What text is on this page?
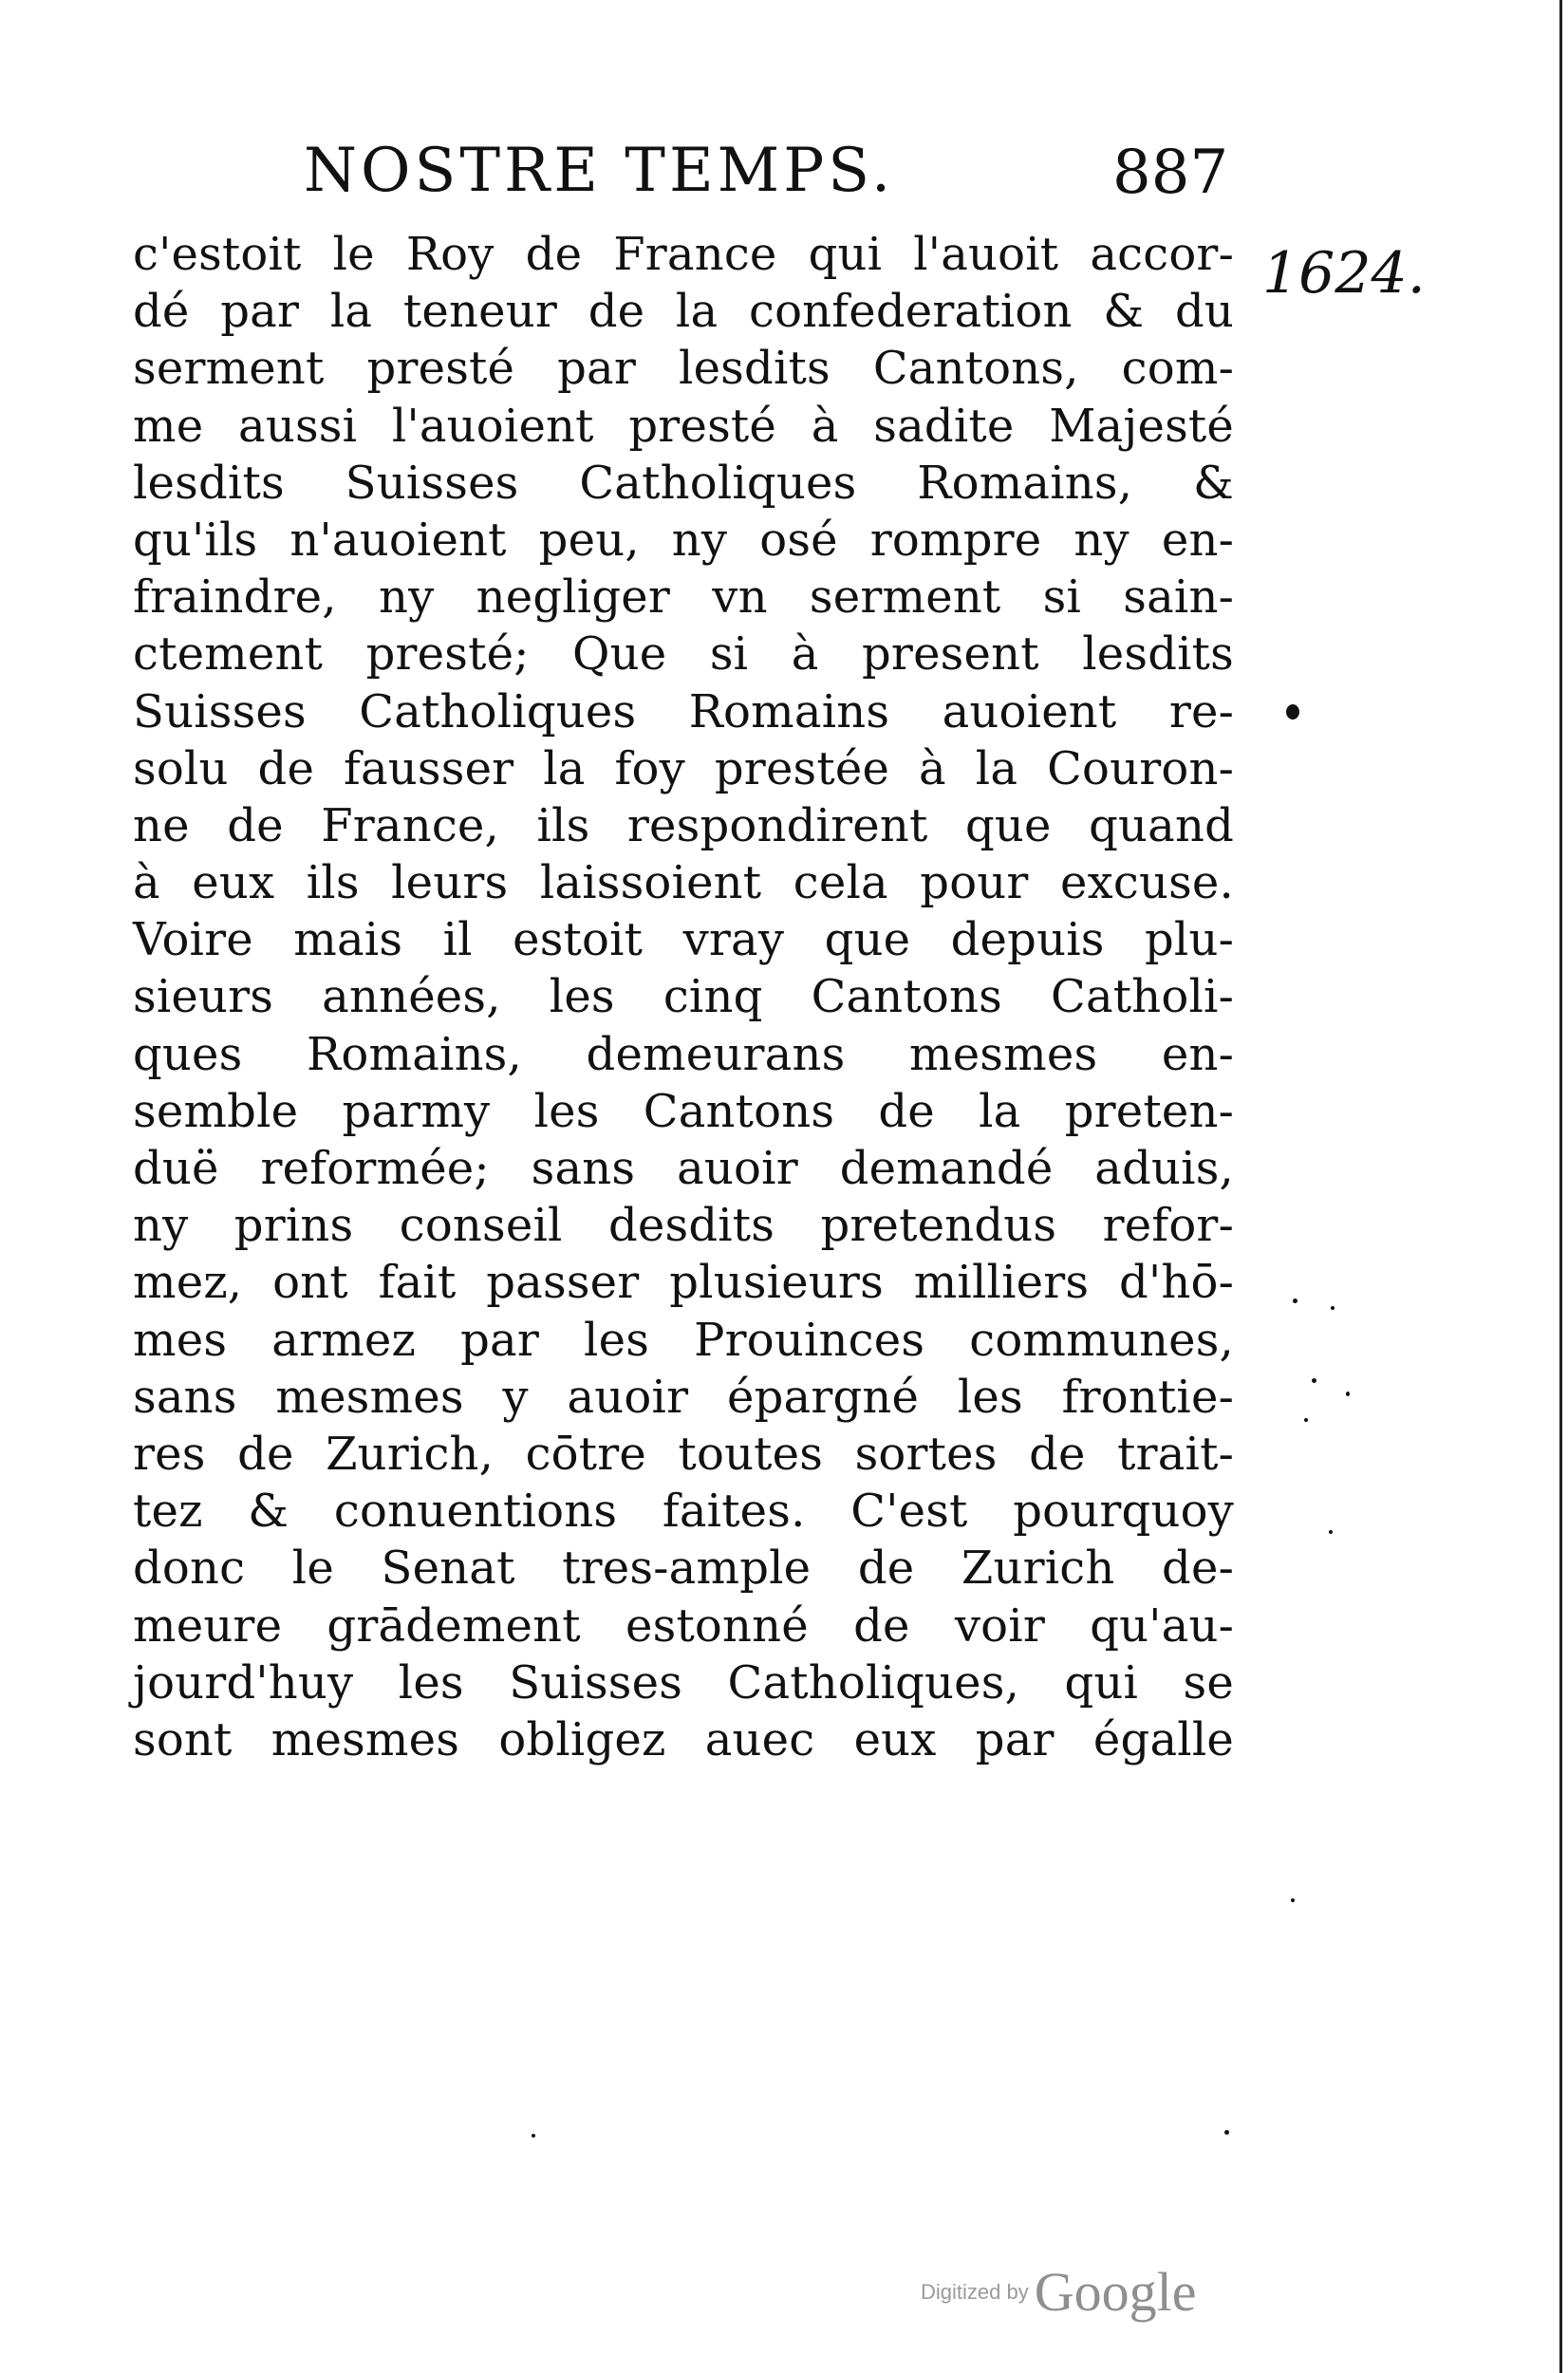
NOSTRE TEMPS.	887
1624.
c'estoit le Roy de France qui l'auoit accor-
dé par la teneur de la confederation & du
serment presté par lesdits Cantons, com-
me aussi l'auoient presté à sadite Majesté
lesdits Suisses Catholiques Romains, &
qu'ils n'auoient peu, ny osé rompre ny en-
fraindre, ny negliger vn serment si sain-
ctement presté; Que si à present lesdits
Suisses Catholiques Romains auoient re-
solu de fausser la foy prestée à la Couron-
ne de France, ils respondirent que quand
à eux ils leurs laissoient cela pour excuse.
Voire mais il estoit vray que depuis plu-
sieurs années, les cinq Cantons Catholi-
ques Romains, demeurans mesmes en-
semble parmy les Cantons de la preten-
duë reformée; sans auoir demandé aduis,
ny prins conseil desdits pretendus refor-
mez, ont fait passer plusieurs milliers d'hō-
mes armez par les Prouinces communes,
sans mesmes y auoir épargné les frontie-
res de Zurich, cōtre toutes sortes de trait-
tez & conuentions faites. C'est pourquoy
donc le Senat tres-ample de Zurich de-
meure grādement estonné de voir qu'au-
jourd'huy les Suisses Catholiques, qui se
sont mesmes obligez auec eux par égalle
Digitized by Google
